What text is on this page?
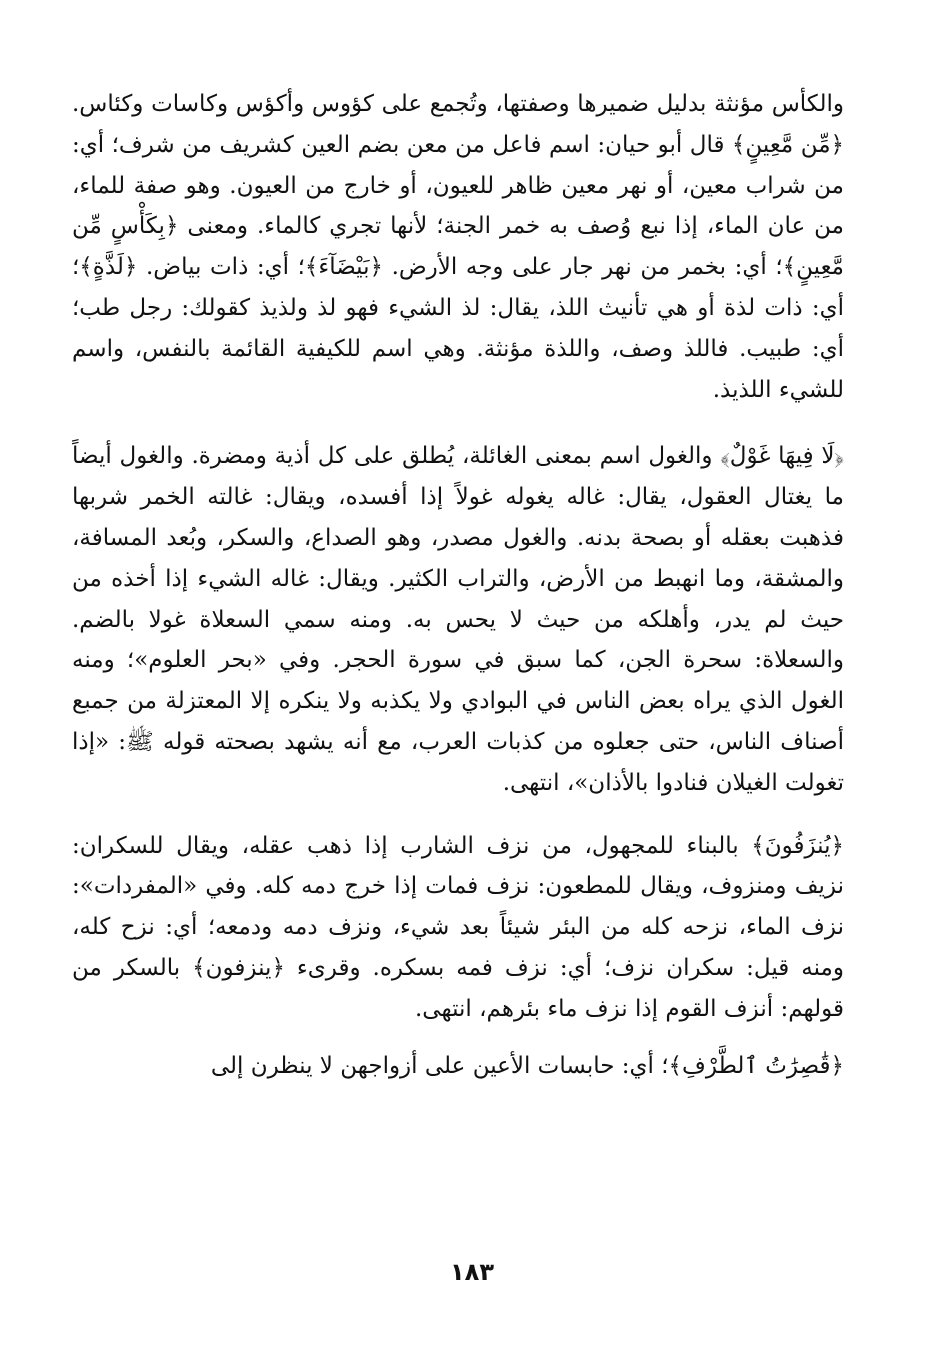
والكأس مؤنثة بدليل ضميرها وصفتها، وتُجمع على كؤوس وأكؤس وكاسات وكئاس. ﴿مِّن مَّعِينٍ﴾ قال أبو حيان: اسم فاعل من معن بضم العين كشريف من شرف؛ أي: من شراب معين، أو نهر معين ظاهر للعيون، أو خارج من العيون. وهو صفة للماء، من عان الماء، إذا نبع وُصف به خمر الجنة؛ لأنها تجري كالماء. ومعنى ﴿بِكَأْسٍ مِّن مَّعِينٍ﴾؛ أي: بخمر من نهر جار على وجه الأرض. ﴿بَيْضَآءَ﴾؛ أي: ذات بياض. ﴿لَذَّةٍ﴾؛ أي: ذات لذة أو هي تأنيث اللذ، يقال: لذ الشيء فهو لذ ولذيذ كقولك: رجل طب؛ أي: طبيب. فاللذ وصف، واللذة مؤنثة. وهي اسم للكيفية القائمة بالنفس، واسم للشيء اللذيذ.

﴿لَا فِيهَا غَوْلٌ﴾ والغول اسم بمعنى الغائلة، يُطلق على كل أذية ومضرة. والغول أيضاً ما يغتال العقول، يقال: غاله يغوله غولاً إذا أفسده، ويقال: غالته الخمر شربها فذهبت بعقله أو بصحة بدنه. والغول مصدر، وهو الصداع، والسكر، وبُعد المسافة، والمشقة، وما انهبط من الأرض، والتراب الكثير. ويقال: غاله الشيء إذا أخذه من حيث لم يدر، وأهلكه من حيث لا يحس به. ومنه سمي السعلاة غولا بالضم. والسعلاة: سحرة الجن، كما سبق في سورة الحجر. وفي «بحر العلوم»؛ ومنه الغول الذي يراه بعض الناس في البوادي ولا يكذبه ولا ينكره إلا المعتزلة من جمبع أصناف الناس، حتى جعلوه من كذبات العرب، مع أنه يشهد بصحته قوله ﷺ: «إذا تغولت الغيلان فنادوا بالأذان»، انتهى.

﴿يُنزَفُونَ﴾ بالبناء للمجهول، من نزف الشارب إذا ذهب عقله، ويقال للسكران: نزيف ومنزوف، ويقال للمطعون: نزف فمات إذا خرج دمه كله. وفي «المفردات»: نزف الماء، نزحه كله من البئر شيئاً بعد شيء، ونزف دمه ودمعه؛ أي: نزح كله، ومنه قيل: سكران نزف؛ أي: نزف فمه بسكره. وقرىء ﴿ينزفون﴾ بالسكر من قولهم: أنزف القوم إذا نزف ماء بئرهم، انتهى.

﴿قَٰصِرَٰتُ ٱلطَّرْفِ﴾؛ أي: حابسات الأعين على أزواجهن لا ينظرن إلى

١٨٣
